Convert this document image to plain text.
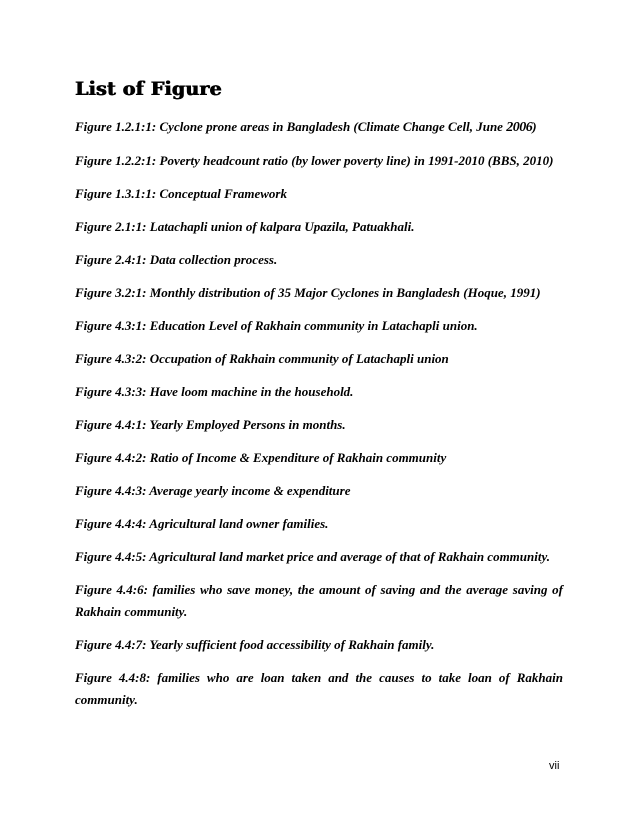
List of Figure
Figure 1.2.1:1: Cyclone prone areas in Bangladesh (Climate Change Cell, June 2006)
Figure 1.2.2:1: Poverty headcount ratio (by lower poverty line) in 1991-2010 (BBS, 2010)
Figure 1.3.1:1: Conceptual Framework
Figure 2.1:1: Latachapli union of kalpara Upazila, Patuakhali.
Figure 2.4:1: Data collection process.
Figure 3.2:1: Monthly distribution of 35 Major Cyclones in Bangladesh (Hoque, 1991)
Figure 4.3:1: Education Level of Rakhain community in Latachapli union.
Figure 4.3:2: Occupation of Rakhain community of Latachapli union
Figure 4.3:3: Have loom machine in the household.
Figure 4.4:1: Yearly Employed Persons in months.
Figure 4.4:2: Ratio of Income & Expenditure of Rakhain community
Figure 4.4:3: Average yearly income & expenditure
Figure 4.4:4: Agricultural land owner families.
Figure 4.4:5: Agricultural land market price and average of that of Rakhain community.
Figure 4.4:6: families who save money, the amount of saving and the average saving of Rakhain community.
Figure 4.4:7: Yearly sufficient food accessibility of Rakhain family.
Figure 4.4:8: families who are loan taken and the causes to take loan of Rakhain community.
vii
